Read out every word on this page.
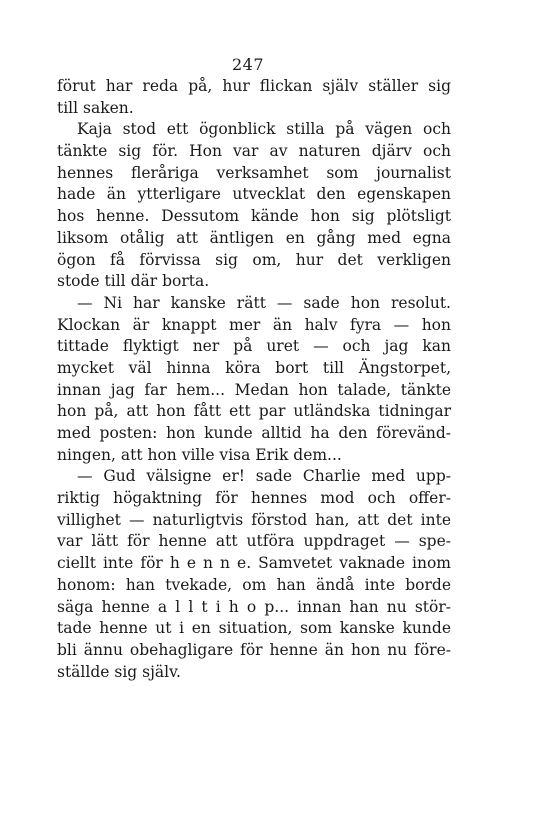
247
förut har reda på, hur flickan själv ställer sig
till saken.
Kaja stod ett ögonblick stilla på vägen och
tänkte sig för. Hon var av naturen djärv och
hennes fleråriga verksamhet som journalist
hade än ytterligare utvecklat den egenskapen
hos henne. Dessutom kände hon sig plötsligt
liksom otålig att äntligen en gång med egna
ögon få förvissa sig om, hur det verkligen
stode till där borta.
— Ni har kanske rätt — sade hon resolut.
Klockan är knappt mer än halv fyra — hon
tittade flyktigt ner på uret — och jag kan
mycket väl hinna köra bort till Ängstorpet,
innan jag far hem... Medan hon talade, tänkte
hon på, att hon fått ett par utländska tidningar
med posten: hon kunde alltid ha den förevänd-
ningen, att hon ville visa Erik dem...
— Gud välsigne er! sade Charlie med upp-
riktig högaktning för hennes mod och offer-
villighet — naturligtvis förstod han, att det inte
var lätt för henne att utföra uppdraget — spe-
ciellt inte för h e n n e. Samvetet vaknade inom
honom: han tvekade, om han ändå inte borde
säga henne a l l t i h o p... innan han nu stör-
tade henne ut i en situation, som kanske kunde
bli ännu obehagligare för henne än hon nu före-
ställde sig själv.
